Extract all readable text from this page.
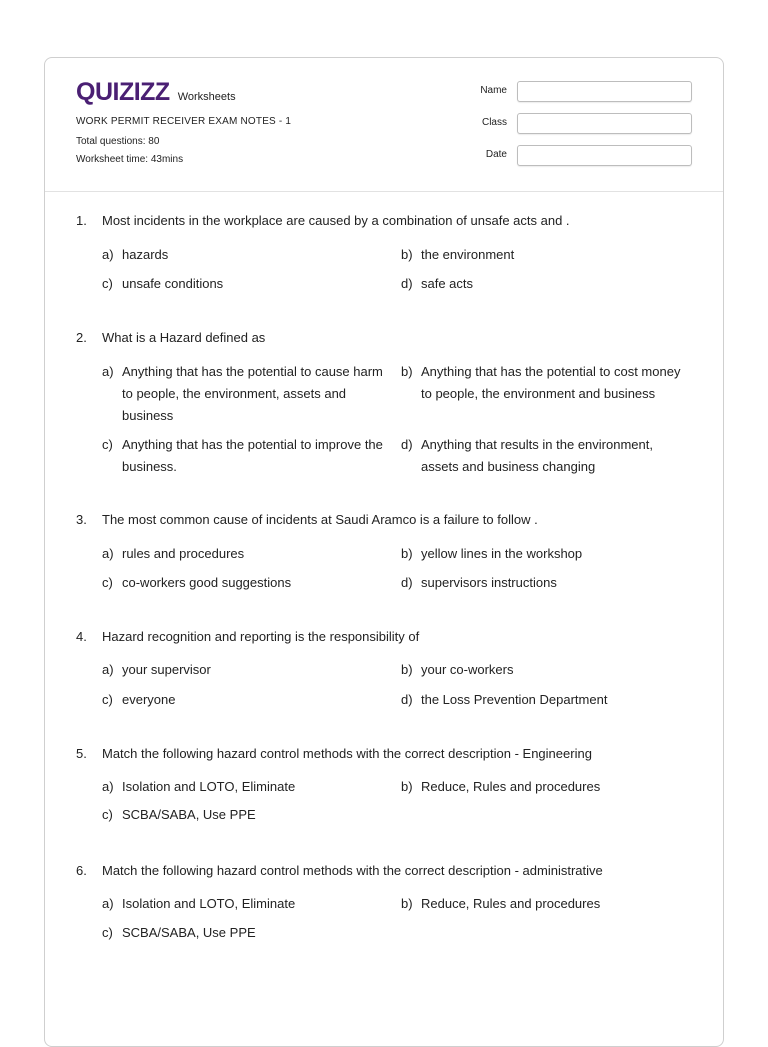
QUIZIZZ Worksheets
WORK PERMIT RECEIVER EXAM NOTES - 1
Total questions: 80
Worksheet time: 43mins
Name
Class
Date
1. Most incidents in the workplace are caused by a combination of unsafe acts and .
a) hazards	b) the environment
c) unsafe conditions	d) safe acts
2. What is a Hazard defined as
a) Anything that has the potential to cause harm to people, the environment, assets and business
b) Anything that has the potential to cost money to people, the environment and business
c) Anything that has the potential to improve the business.
d) Anything that results in the environment, assets and business changing
3. The most common cause of incidents at Saudi Aramco is a failure to follow .
a) rules and procedures	b) yellow lines in the workshop
c) co-workers good suggestions	d) supervisors instructions
4. Hazard recognition and reporting is the responsibility of
a) your supervisor	b) your co-workers
c) everyone	d) the Loss Prevention Department
5. Match the following hazard control methods with the correct description - Engineering
a) Isolation and LOTO, Eliminate	b) Reduce, Rules and procedures
c) SCBA/SABA, Use PPE
6. Match the following hazard control methods with the correct description - administrative
a) Isolation and LOTO, Eliminate	b) Reduce, Rules and procedures
c) SCBA/SABA, Use PPE
